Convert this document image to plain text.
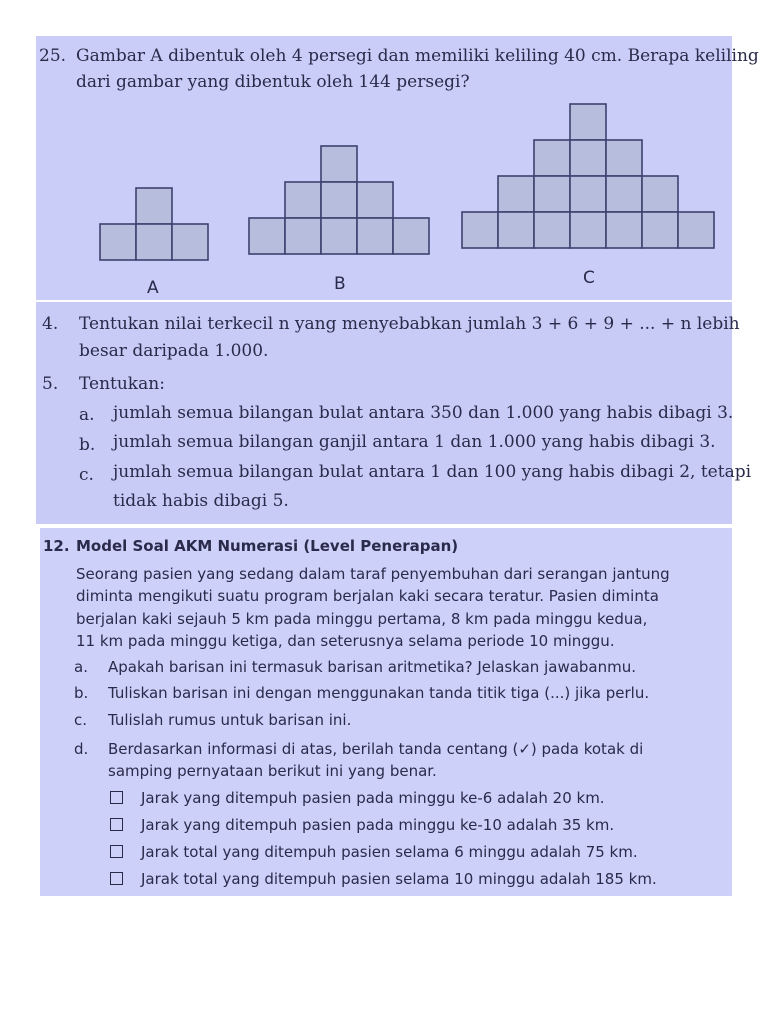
25. Gambar A dibentuk oleh 4 persegi dan memiliki keliling 40 cm. Berapa keliling
dari gambar yang dibentuk oleh 144 persegi?
A	B	C
4. Tentukan nilai terkecil n yang menyebabkan jumlah 3 + 6 + 9 + ... + n lebih
besar daripada 1.000.
5. Tentukan:
a. jumlah semua bilangan bulat antara 350 dan 1.000 yang habis dibagi 3.
b. jumlah semua bilangan ganjil antara 1 dan 1.000 yang habis dibagi 3.
c. jumlah semua bilangan bulat antara 1 dan 100 yang habis dibagi 2, tetapi
tidak habis dibagi 5.
12. Model Soal AKM Numerasi (Level Penerapan)
Seorang pasien yang sedang dalam taraf penyembuhan dari serangan jantung
diminta mengikuti suatu program berjalan kaki secara teratur. Pasien diminta
berjalan kaki sejauh 5 km pada minggu pertama, 8 km pada minggu kedua,
11 km pada minggu ketiga, dan seterusnya selama periode 10 minggu.
a. Apakah barisan ini termasuk barisan aritmetika? Jelaskan jawabanmu.
b. Tuliskan barisan ini dengan menggunakan tanda titik tiga (...) jika perlu.
c. Tulislah rumus untuk barisan ini.
d. Berdasarkan informasi di atas, berilah tanda centang (✓) pada kotak di
samping pernyataan berikut ini yang benar.
Jarak yang ditempuh pasien pada minggu ke-6 adalah 20 km.
Jarak yang ditempuh pasien pada minggu ke-10 adalah 35 km.
Jarak total yang ditempuh pasien selama 6 minggu adalah 75 km.
Jarak total yang ditempuh pasien selama 10 minggu adalah 185 km.
